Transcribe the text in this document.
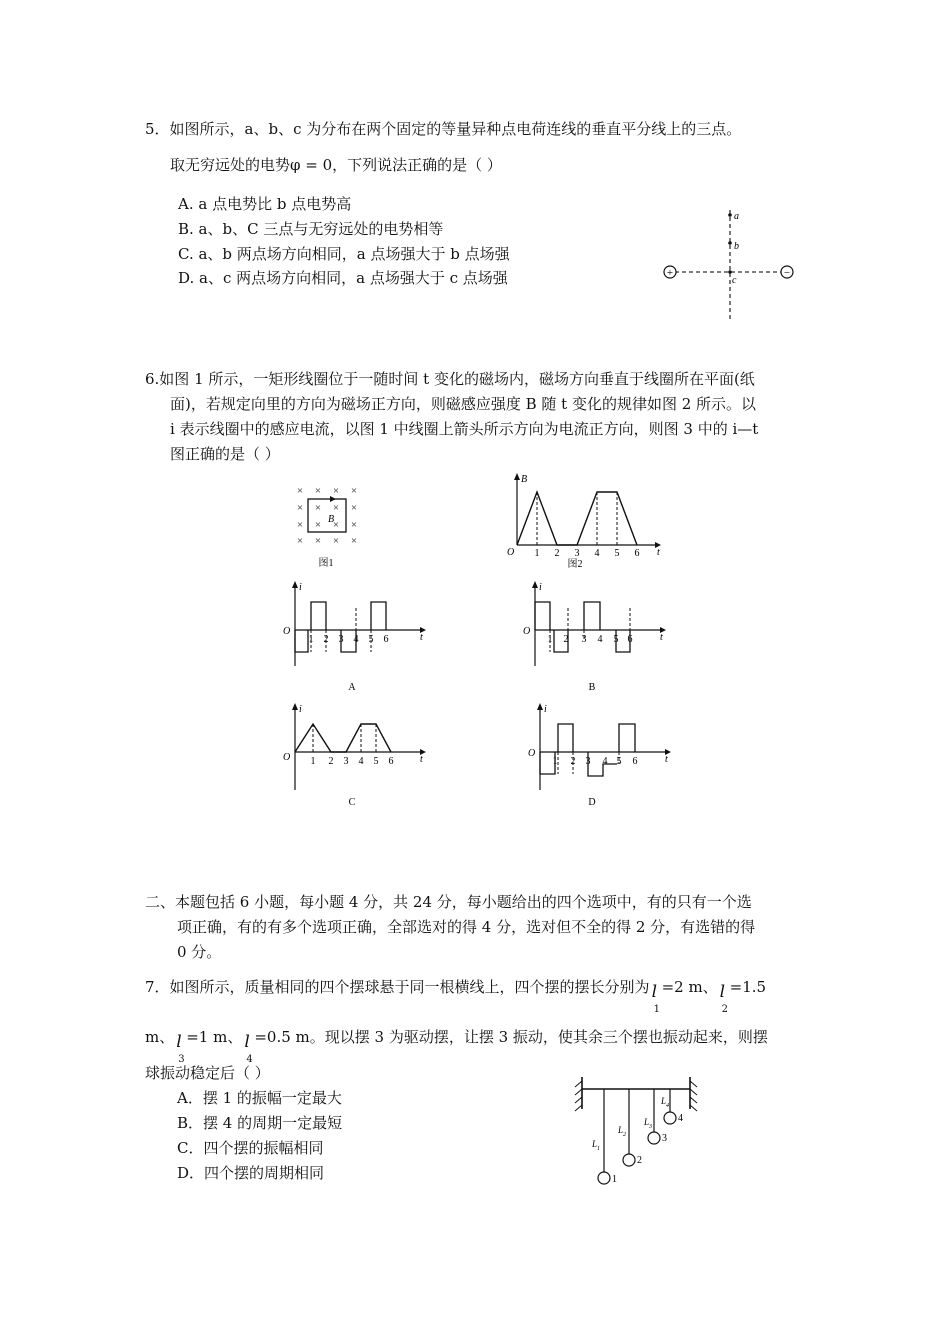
5．如图所示，a、b、c 为分布在两个固定的等量异种点电荷连线的垂直平分线上的三点。
取无穷远处的电势φ = 0，下列说法正确的是（ ）
A. a 点电势比 b 点电势高
B. a、b、C 三点与无穷远处的电势相等
C. a、b 两点场方向相同，a 点场强大于 b 点场强
D. a、c 两点场方向相同，a 点场强大于 c 点场强	+	−
a
b
c
6.如图 1 所示，一矩形线圈位于一随时间 t 变化的磁场内，磁场方向垂直于线圈所在平面(纸
面)，若规定向里的方向为磁场正方向，则磁感应强度 B 随 t 变化的规律如图 2 所示。以
i 表示线圈中的感应电流，以图 1 中线圈上箭头所示方向为电流正方向，则图 3 中的 i—t
图正确的是（ ）
× × × ×
× × × ×
× × × ×
× × × ×
B
图1
B
t
O 1 2 3 4 5 6
图2
i
t
O
1 2 3 4 5 6
A
i
t
O
1 2 3 4 5 6
B
i
t
O 1 2 3 4 5 6
C
i
t
O
1 2 3 4 5 6
D
二、本题包括 6 小题，每小题 4 分，共 24 分，每小题给出的四个选项中，有的只有一个选
项正确，有的有多个选项正确，全部选对的得 4 分，选对但不全的得 2 分，有选错的得
0 分。
7．如图所示，质量相同的四个摆球悬于同一根横线上，四个摆的摆长分别为 l
1
=2 m、 l
2
=1.5
m、 l
3
=1 m、 l
4
=0.5 m。现以摆 3 为驱动摆，让摆 3 振动，使其余三个摆也振动起来，则摆
球振动稳定后（ ）
A．摆 1 的振幅一定最大
B．摆 4 的周期一定最短
C．四个摆的振幅相同
D．四个摆的周期相同
L 1
L 2
L 3
L 4
1
2
3
4
